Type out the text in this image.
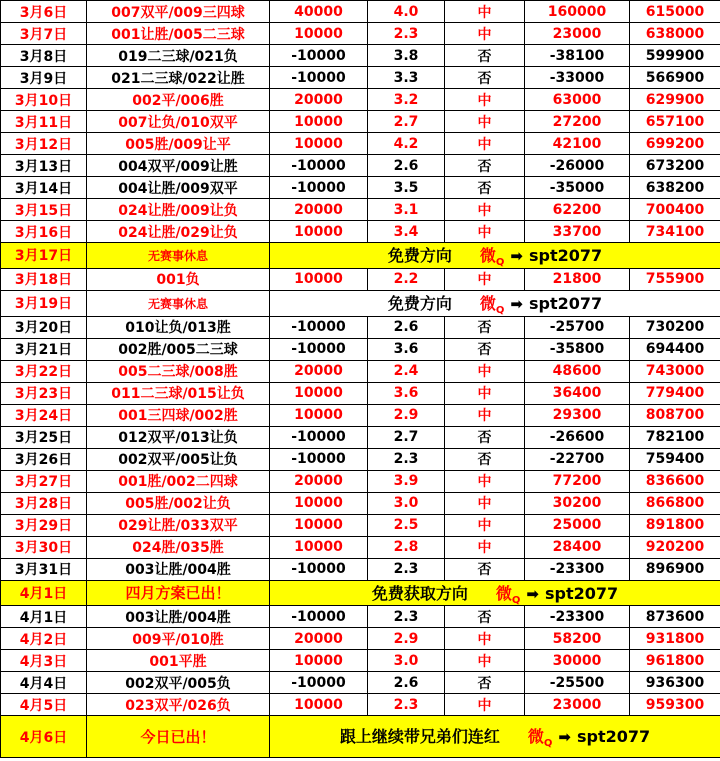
3月6日	007双平/009三四球	40000	4.0	中	160000	615000
3月7日	001让胜/005二三球	10000	2.3	中	23000	638000
3月8日	019二三球/021负	-10000	3.8	否	-38100	599900
3月9日	021二三球/022让胜	-10000	3.3	否	-33000	566900
3月10日	002平/006胜	20000	3.2	中	63000	629900
3月11日	007让负/010双平	10000	2.7	中	27200	657100
3月12日	005胜/009让平	10000	4.2	中	42100	699200
3月13日	004双平/009让胜	-10000	2.6	否	-26000	673200
3月14日	004让胜/009双平	-10000	3.5	否	-35000	638200
3月15日	024让胜/009让负	20000	3.1	中	62200	700400
3月16日	024让胜/029让负	10000	3.4	中	33700	734100
3月17日	无赛事休息	免费方向 微$_Q$ ➡ spt2077				
3月18日	001负	10000	2.2	中	21800	755900
3月19日	无赛事休息	免费方向 微$_Q$ ➡ spt2077				
3月20日	010让负/013胜	-10000	2.6	否	-25700	730200
3月21日	002胜/005二三球	-10000	3.6	否	-35800	694400
3月22日	005二三球/008胜	20000	2.4	中	48600	743000
3月23日	011二三球/015让负	10000	3.6	中	36400	779400
3月24日	001三四球/002胜	10000	2.9	中	29300	808700
3月25日	012双平/013让负	-10000	2.7	否	-26600	782100
3月26日	002双平/005让负	-10000	2.3	否	-22700	759400
3月27日	001胜/002二四球	20000	3.9	中	77200	836600
3月28日	005胜/002让负	10000	3.0	中	30200	866800
3月29日	029让胜/033双平	10000	2.5	中	25000	891800
3月30日	024胜/035胜	10000	2.8	中	28400	920200
3月31日	003让胜/004胜	-10000	2.3	否	-23300	896900
4月1日	四月方案已出！	免费获取方向 微$_Q$ ➡ spt2077				
4月1日	003让胜/004胜	-10000	2.3	否	-23300	873600
4月2日	009平/010胜	20000	2.9	中	58200	931800
4月3日	001平胜	10000	3.0	中	30000	961800
4月4日	002双平/005负	-10000	2.6	否	-25500	936300
4月5日	023双平/026负	10000	2.3	中	23000	959300
4月6日	今日已出！	跟上继续带兄弟们连红 微$_Q$ ➡ spt2077				
